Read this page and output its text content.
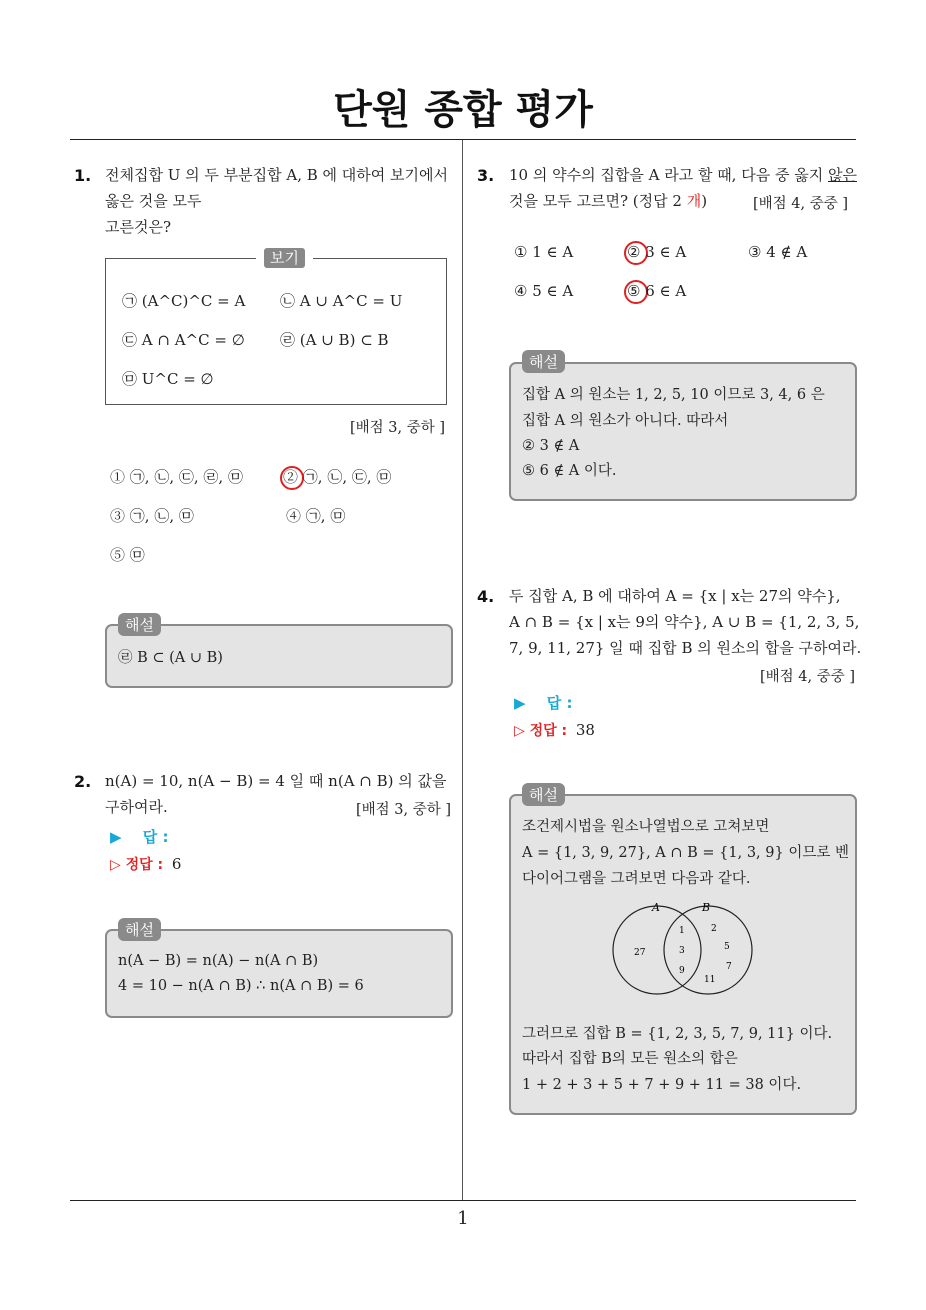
단원 종합 평가
1. 전체집합 U 의 두 부분집합 A, B 에 대하여 보기에서
옳은 것을 모두
고른것은?
보기
㉠ (A^C)^C = A ㉡ A ∪ A^C = U
㉢ A ∩ A^C = ∅ ㉣ (A ∪ B) ⊂ B
㉤ U^C = ∅
[배점 3, 중하 ]
① ㉠, ㉡, ㉢, ㉣, ㉤	② ㉠, ㉡, ㉢, ㉤
③ ㉠, ㉡, ㉤	④ ㉠, ㉤
⑤ ㉤
해설
㉣ B ⊂ (A ∪ B)
2. n(A) = 10, n(A − B) = 4 일 때 n(A ∩ B) 의 값을
구하여라.	[배점 3, 중하 ]
▶ 답 :
▷ 정답 : 6
해설
n(A − B) = n(A) − n(A ∩ B)
4 = 10 − n(A ∩ B) ∴ n(A ∩ B) = 6
3. 10 의 약수의 집합을 A 라고 할 때, 다음 중 옳지 않은
것을 모두 고르면? (정답 2 개)	[배점 4, 중중 ]
① 1 ∈ A	② 3 ∈ A	③ 4 ∉ A
④ 5 ∈ A	⑤ 6 ∈ A
해설
집합 A 의 원소는 1, 2, 5, 10 이므로 3, 4, 6 은
집합 A 의 원소가 아니다. 따라서
② 3 ∉ A
⑤ 6 ∉ A 이다.
4. 두 집합 A, B 에 대하여 A = {x | x는 27의 약수},
A ∩ B = {x | x는 9의 약수}, A ∪ B = {1, 2, 3, 5,
7, 9, 11, 27} 일 때 집합 B 의 원소의 합을 구하여라.
[배점 4, 중중 ]
▶ 답 :
▷ 정답 : 38
해설
조건제시법을 원소나열법으로 고쳐보면
A = {1, 3, 9, 27}, A ∩ B = {1, 3, 9} 이므로 벤
다이어그램을 그려보면 다음과 같다.
A	B
27
1
3
9
2
5
7
11
그러므로 집합 B = {1, 2, 3, 5, 7, 9, 11} 이다.
따라서 집합 B의 모든 원소의 합은
1 + 2 + 3 + 5 + 7 + 9 + 11 = 38 이다.
1
